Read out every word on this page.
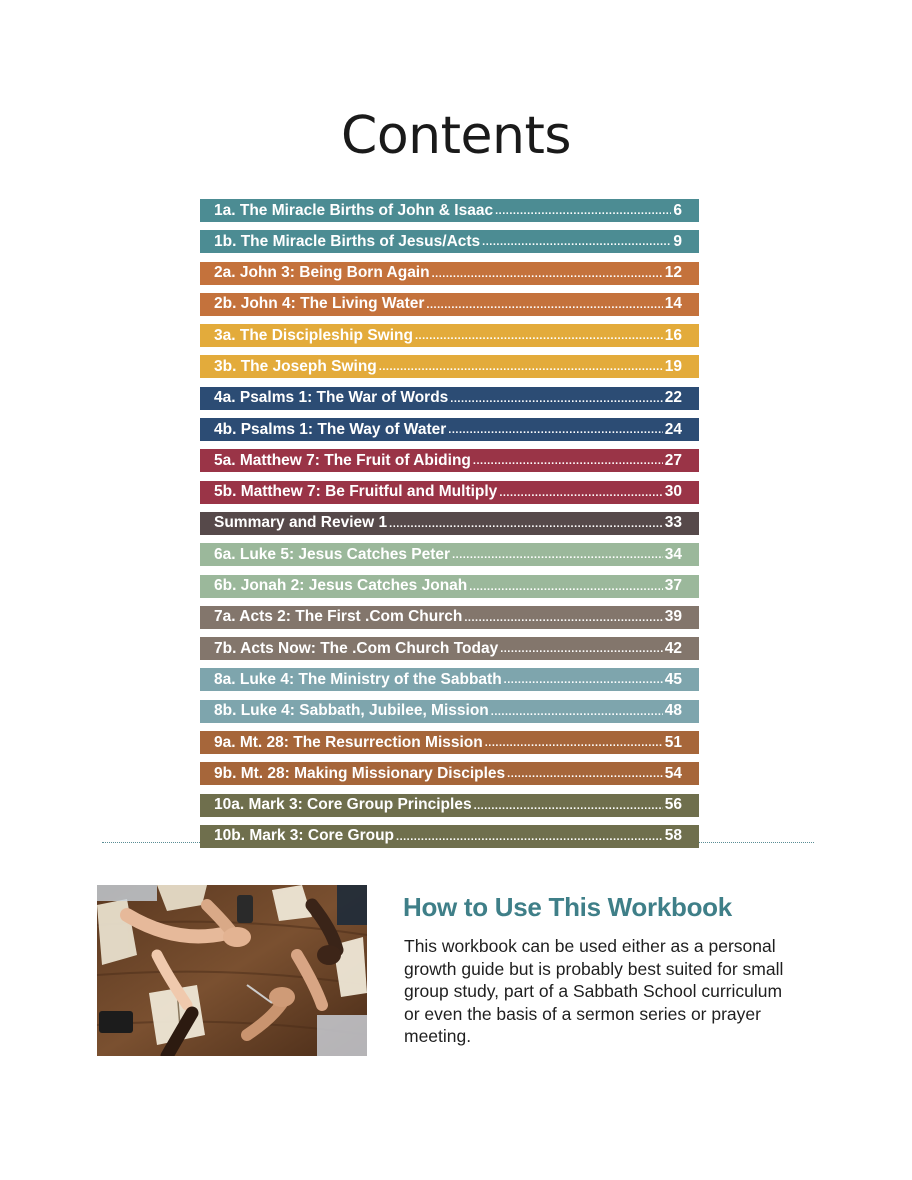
Contents
1a. The Miracle Births of John & Isaac .....	6
1b. The Miracle Births of Jesus/Acts .....	9
2a. John 3: Being Born Again .....	12
2b. John 4: The Living Water .....	14
3a. The Discipleship Swing .....	16
3b. The Joseph Swing .....	19
4a. Psalms 1: The War of Words .....	22
4b. Psalms 1: The Way of Water .....	24
5a. Matthew 7: The Fruit of Abiding .....	27
5b. Matthew 7: Be Fruitful and Multiply .....	30
Summary and Review 1 .....	33
6a. Luke 5: Jesus Catches Peter .....	34
6b. Jonah 2: Jesus Catches Jonah .....	37
7a. Acts 2: The First .Com Church .....	39
7b. Acts Now: The .Com Church Today .....	42
8a. Luke 4: The Ministry of the Sabbath .....	45
8b. Luke 4: Sabbath, Jubilee, Mission .....	48
9a. Mt. 28: The Resurrection Mission .....	51
9b. Mt. 28: Making Missionary Disciples .....	54
10a. Mark 3: Core Group Principles .....	56
10b. Mark 3: Core Group .....	58
How to Use This Workbook

This workbook can be used either as a personal growth guide but is probably best suited for small group study, part of a Sabbath School curriculum or even the basis of a sermon series or prayer meeting.
